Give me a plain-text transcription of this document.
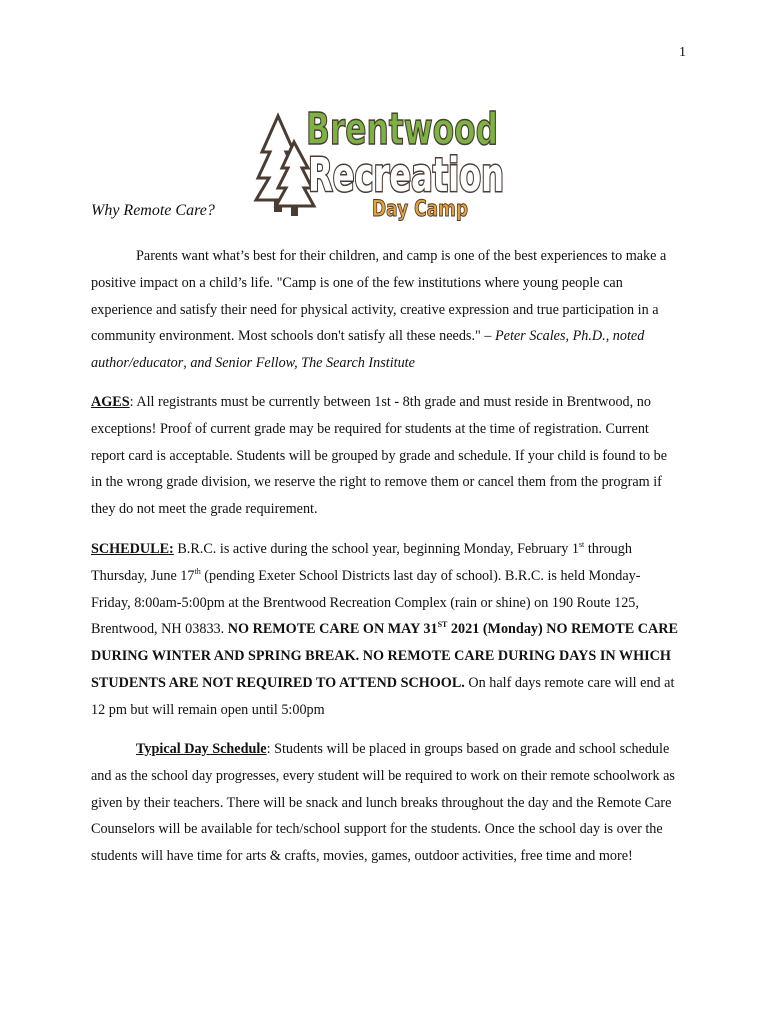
1
Brentwood
Recreation
Day Camp
Why Remote Care?

Parents want what’s best for their children, and camp is one of the best experiences to make a positive impact on a child’s life. "Camp is one of the few institutions where young people can experience and satisfy their need for physical activity, creative expression and true participation in a community environment. Most schools don't satisfy all these needs." – Peter Scales, Ph.D., noted author/educator, and Senior Fellow, The Search Institute

AGES: All registrants must be currently between 1st - 8th grade and must reside in Brentwood, no exceptions! Proof of current grade may be required for students at the time of registration. Current report card is acceptable. Students will be grouped by grade and schedule. If your child is found to be in the wrong grade division, we reserve the right to remove them or cancel them from the program if they do not meet the grade requirement.

SCHEDULE: B.R.C. is active during the school year, beginning Monday, February 1st through Thursday, June 17th (pending Exeter School Districts last day of school). B.R.C. is held Monday-Friday, 8:00am-5:00pm at the Brentwood Recreation Complex (rain or shine) on 190 Route 125, Brentwood, NH 03833. NO REMOTE CARE ON MAY 31ST 2021 (Monday) NO REMOTE CARE DURING WINTER AND SPRING BREAK. NO REMOTE CARE DURING DAYS IN WHICH STUDENTS ARE NOT REQUIRED TO ATTEND SCHOOL. On half days remote care will end at 12 pm but will remain open until 5:00pm

Typical Day Schedule: Students will be placed in groups based on grade and school schedule and as the school day progresses, every student will be required to work on their remote schoolwork as given by their teachers. There will be snack and lunch breaks throughout the day and the Remote Care Counselors will be available for tech/school support for the students. Once the school day is over the students will have time for arts & crafts, movies, games, outdoor activities, free time and more!
